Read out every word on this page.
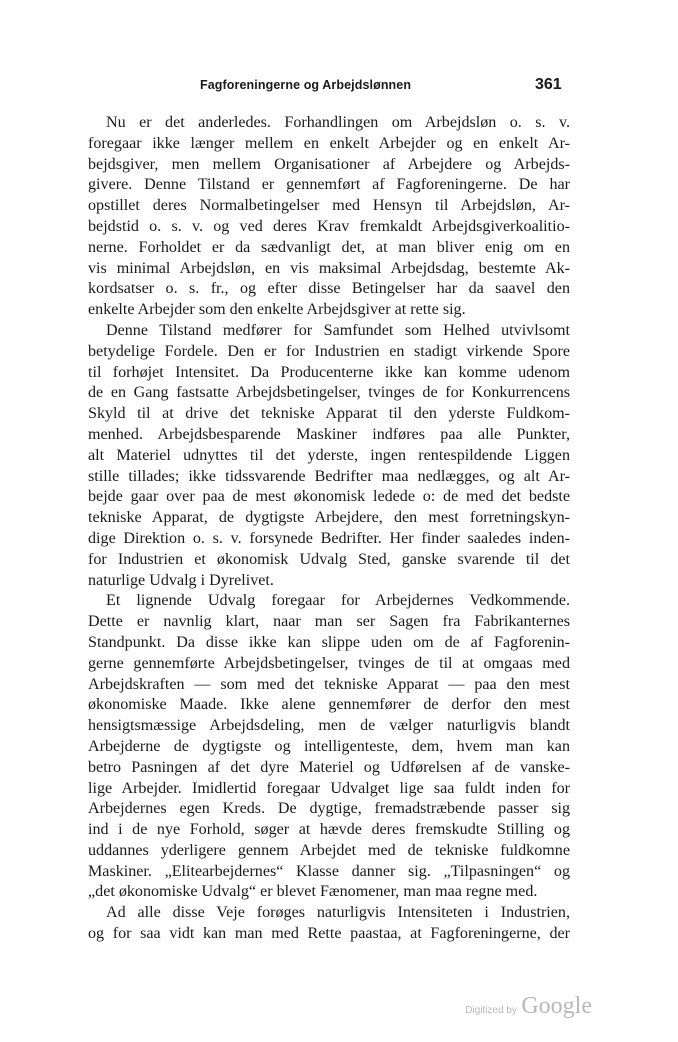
Fagforeningerne og Arbejdslønnen	361
Nu er det anderledes. Forhandlingen om Arbejdsløn o. s. v.
foregaar ikke længer mellem en enkelt Arbejder og en enkelt Ar-
bejdsgiver, men mellem Organisationer af Arbejdere og Arbejds-
givere. Denne Tilstand er gennemført af Fagforeningerne. De har
opstillet deres Normalbetingelser med Hensyn til Arbejdsløn, Ar-
bejdstid o. s. v. og ved deres Krav fremkaldt Arbejdsgiverkoalitio-
nerne. Forholdet er da sædvanligt det, at man bliver enig om en
vis minimal Arbejdsløn, en vis maksimal Arbejdsdag, bestemte Ak-
kordsatser o. s. fr., og efter disse Betingelser har da saavel den
enkelte Arbejder som den enkelte Arbejdsgiver at rette sig.
Denne Tilstand medfører for Samfundet som Helhed utvivlsomt
betydelige Fordele. Den er for Industrien en stadigt virkende Spore
til forhøjet Intensitet. Da Producenterne ikke kan komme udenom
de en Gang fastsatte Arbejdsbetingelser, tvinges de for Konkurrencens
Skyld til at drive det tekniske Apparat til den yderste Fuldkom-
menhed. Arbejdsbesparende Maskiner indføres paa alle Punkter,
alt Materiel udnyttes til det yderste, ingen rentespildende Liggen
stille tillades; ikke tidssvarende Bedrifter maa nedlægges, og alt Ar-
bejde gaar over paa de mest økonomisk ledede o: de med det bedste
tekniske Apparat, de dygtigste Arbejdere, den mest forretningskyn-
dige Direktion o. s. v. forsynede Bedrifter. Her finder saaledes inden-
for Industrien et økonomisk Udvalg Sted, ganske svarende til det
naturlige Udvalg i Dyrelivet.
Et lignende Udvalg foregaar for Arbejdernes Vedkommende.
Dette er navnlig klart, naar man ser Sagen fra Fabrikanternes
Standpunkt. Da disse ikke kan slippe uden om de af Fagforenin-
gerne gennemførte Arbejdsbetingelser, tvinges de til at omgaas med
Arbejdskraften — som med det tekniske Apparat — paa den mest
økonomiske Maade. Ikke alene gennemfører de derfor den mest
hensigtsmæssige Arbejdsdeling, men de vælger naturligvis blandt
Arbejderne de dygtigste og intelligenteste, dem, hvem man kan
betro Pasningen af det dyre Materiel og Udførelsen af de vanske-
lige Arbejder. Imidlertid foregaar Udvalget lige saa fuldt inden for
Arbejdernes egen Kreds. De dygtige, fremadstræbende passer sig
ind i de nye Forhold, søger at hævde deres fremskudte Stilling og
uddannes yderligere gennem Arbejdet med de tekniske fuldkomne
Maskiner. „Elitearbejdernes“ Klasse danner sig. „Tilpasningen“ og
„det økonomiske Udvalg“ er blevet Fænomener, man maa regne med.
Ad alle disse Veje forøges naturligvis Intensiteten i Industrien,
og for saa vidt kan man med Rette paastaa, at Fagforeningerne, der
Digitized by Google
